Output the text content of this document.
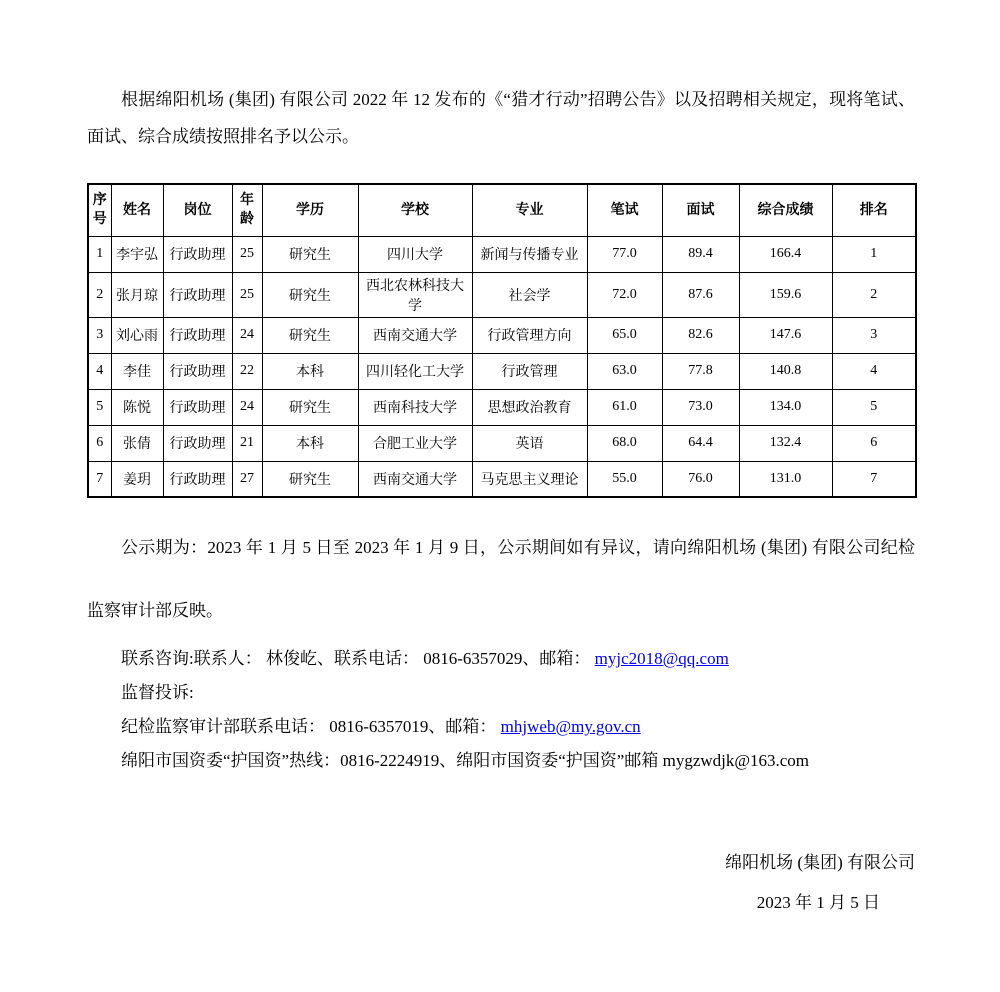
根据绵阳机场 (集团) 有限公司 2022 年 12 发布的《“猎才行动”招聘公告》以及招聘相关规定，现将笔试、面试、综合成绩按照排名予以公示。

序号	姓名	岗位	年龄	学历	学校	专业	笔试	面试	综合成绩	排名
1	李宇弘	行政助理	25	研究生	四川大学	新闻与传播专业	77.0	89.4	166.4	1
2	张月琼	行政助理	25	研究生	西北农林科技大学	社会学	72.0	87.6	159.6	2
3	刘心雨	行政助理	24	研究生	西南交通大学	行政管理方向	65.0	82.6	147.6	3
4	李佳	行政助理	22	本科	四川轻化工大学	行政管理	63.0	77.8	140.8	4
5	陈悦	行政助理	24	研究生	西南科技大学	思想政治教育	61.0	73.0	134.0	5
6	张倩	行政助理	21	本科	合肥工业大学	英语	68.0	64.4	132.4	6
7	姜玥	行政助理	27	研究生	西南交通大学	马克思主义理论	55.0	76.0	131.0	7

公示期为：2023 年 1 月 5 日至 2023 年 1 月 9 日，公示期间如有异议，请向绵阳机场 (集团) 有限公司纪检监察审计部反映。

联系咨询:联系人： 林俊屹、联系电话： 0816-6357029、邮箱： myjc2018@qq.com

监督投诉:

纪检监察审计部联系电话： 0816-6357019、邮箱： mhjweb@my.gov.cn

绵阳市国资委“护国资”热线：0816-2224919、绵阳市国资委“护国资”邮箱 mygzwdjk@163.com

绵阳机场 (集团) 有限公司

2023 年 1 月 5 日
